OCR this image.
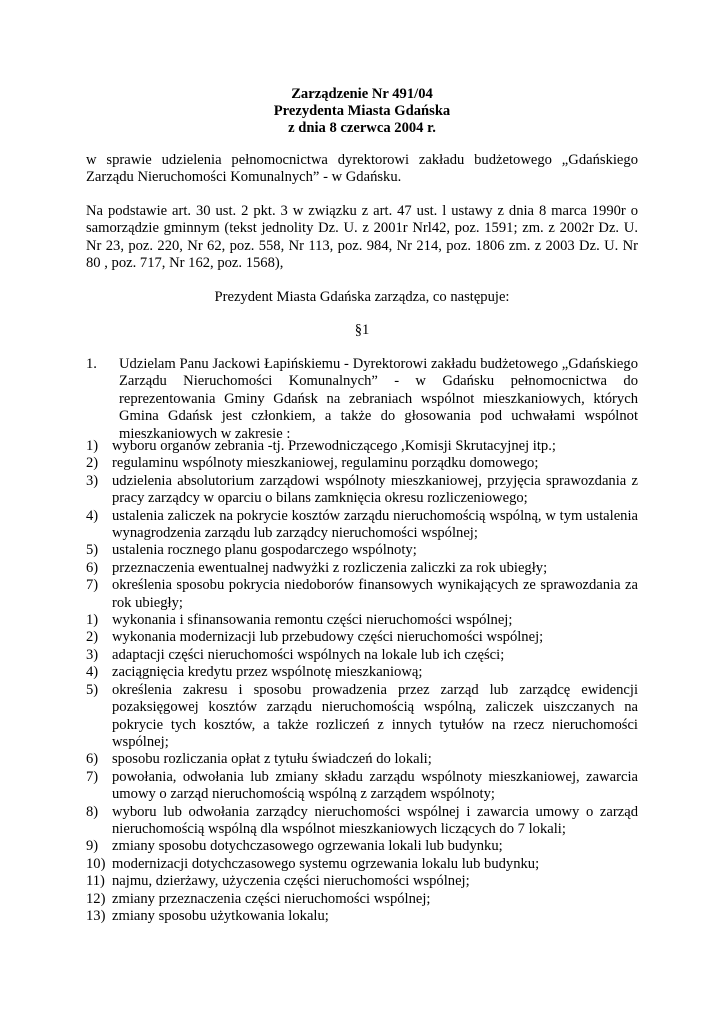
Zarządzenie Nr 491/04
Prezydenta Miasta Gdańska
z dnia 8 czerwca 2004 r.
w sprawie udzielenia pełnomocnictwa dyrektorowi zakładu budżetowego „Gdańskiego Zarządu Nieruchomości Komunalnych” - w Gdańsku.
Na podstawie art. 30 ust. 2 pkt. 3 w związku z art. 47 ust. l ustawy z dnia 8 marca 1990r o samorządzie gminnym (tekst jednolity Dz. U. z 2001r Nrl42, poz. 1591; zm. z 2002r Dz. U. Nr 23, poz. 220, Nr 62, poz. 558, Nr 113, poz. 984, Nr 214, poz. 1806 zm. z 2003 Dz. U. Nr 80 , poz. 717, Nr 162, poz. 1568),
Prezydent Miasta Gdańska zarządza, co następuje:
§1
1. Udzielam Panu Jackowi Łapińskiemu - Dyrektorowi zakładu budżetowego „Gdańskiego Zarządu Nieruchomości Komunalnych” - w Gdańsku pełnomocnictwa do reprezentowania Gminy Gdańsk na zebraniach wspólnot mieszkaniowych, których Gmina Gdańsk jest członkiem, a także do głosowania pod uchwałami wspólnot mieszkaniowych w zakresie :
1) wyboru organów zebrania -tj. Przewodniczącego ,Komisji Skrutacyjnej itp.;
2) regulaminu wspólnoty mieszkaniowej, regulaminu porządku domowego;
3) udzielenia absolutorium zarządowi wspólnoty mieszkaniowej, przyjęcia sprawozdania z pracy zarządcy w oparciu o bilans zamknięcia okresu rozliczeniowego;
4) ustalenia zaliczek na pokrycie kosztów zarządu nieruchomością wspólną, w tym ustalenia wynagrodzenia zarządu lub zarządcy nieruchomości wspólnej;
5) ustalenia rocznego planu gospodarczego wspólnoty;
6) przeznaczenia ewentualnej nadwyżki z rozliczenia zaliczki za rok ubiegły;
7) określenia sposobu pokrycia niedoborów finansowych wynikających ze sprawozdania za rok ubiegły;
1) wykonania i sfinansowania remontu części nieruchomości wspólnej;
2) wykonania modernizacji lub przebudowy części nieruchomości wspólnej;
3) adaptacji części nieruchomości wspólnych na lokale lub ich części;
4) zaciągnięcia kredytu przez wspólnotę mieszkaniową;
5) określenia zakresu i sposobu prowadzenia przez zarząd lub zarządcę ewidencji pozaksięgowej kosztów zarządu nieruchomością wspólną, zaliczek uiszczanych na pokrycie tych kosztów, a także rozliczeń z innych tytułów na rzecz nieruchomości wspólnej;
6) sposobu rozliczania opłat z tytułu świadczeń do lokali;
7) powołania, odwołania lub zmiany składu zarządu wspólnoty mieszkaniowej, zawarcia umowy o zarząd nieruchomością wspólną z zarządem wspólnoty;
8) wyboru lub odwołania zarządcy nieruchomości wspólnej i zawarcia umowy o zarząd nieruchomością wspólną dla wspólnot mieszkaniowych liczących do 7 lokali;
9) zmiany sposobu dotychczasowego ogrzewania lokali lub budynku;
10) modernizacji dotychczasowego systemu ogrzewania lokalu lub budynku;
11) najmu, dzierżawy, użyczenia części nieruchomości wspólnej;
12) zmiany przeznaczenia części nieruchomości wspólnej;
13) zmiany sposobu użytkowania lokalu;
